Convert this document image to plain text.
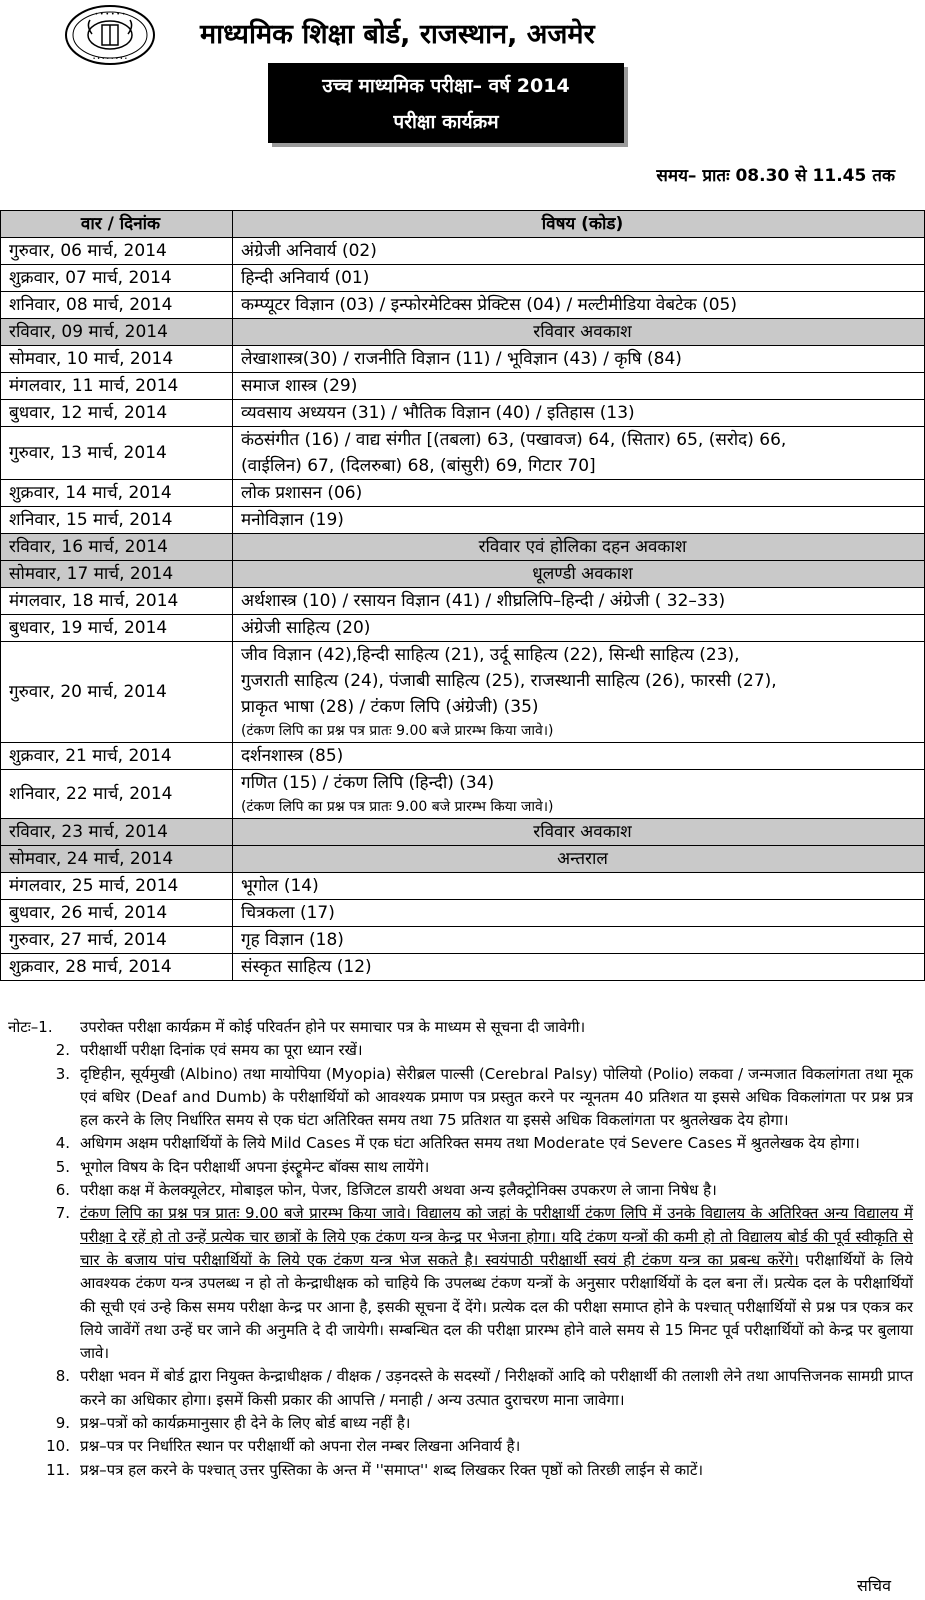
• • • • • •
• • • • • • • •
माध्यमिक शिक्षा बोर्ड, राजस्थान, अजमेर
उच्च माध्यमिक परीक्षा– वर्ष 2014
परीक्षा कार्यक्रम
समय– प्रातः 08.30 से 11.45 तक
वार / दिनांक	विषय (कोड)
गुरुवार, 06 मार्च, 2014	अंग्रेजी अनिवार्य (02)
शुक्रवार, 07 मार्च, 2014	हिन्दी अनिवार्य (01)
शनिवार, 08 मार्च, 2014	कम्प्यूटर विज्ञान (03) / इन्फोरमेटिक्स प्रेक्टिस (04) / मल्टीमीडिया वेबटेक (05)
रविवार, 09 मार्च, 2014	रविवार अवकाश
सोमवार, 10 मार्च, 2014	लेखाशास्त्र(30) / राजनीति विज्ञान (11) / भूविज्ञान (43) / कृषि (84)
मंगलवार, 11 मार्च, 2014	समाज शास्त्र (29)
बुधवार, 12 मार्च, 2014	व्यवसाय अध्ययन (31) / भौतिक विज्ञान (40) / इतिहास (13)
गुरुवार, 13 मार्च, 2014	कंठसंगीत (16) / वाद्य संगीत [(तबला) 63, (पखावज) 64, (सितार) 65, (सरोद) 66,
(वाईलिन) 67, (दिलरुबा) 68, (बांसुरी) 69, गिटार 70]

शुक्रवार, 14 मार्च, 2014	लोक प्रशासन (06)
शनिवार, 15 मार्च, 2014	मनोविज्ञान (19)
रविवार, 16 मार्च, 2014	रविवार एवं होलिका दहन अवकाश
सोमवार, 17 मार्च, 2014	धूलण्डी अवकाश
मंगलवार, 18 मार्च, 2014	अर्थशास्त्र (10) / रसायन विज्ञान (41) / शीघ्रलिपि–हिन्दी / अंग्रेजी ( 32–33)
बुधवार, 19 मार्च, 2014	अंग्रेजी साहित्य (20)
गुरुवार, 20 मार्च, 2014	जीव विज्ञान (42),हिन्दी साहित्य (21), उर्दू साहित्य (22), सिन्धी साहित्य (23),
गुजराती साहित्य (24), पंजाबी साहित्य (25), राजस्थानी साहित्य (26), फारसी (27),
प्राकृत भाषा (28) / टंकण लिपि (अंग्रेजी) (35)
(टंकण लिपि का प्रश्न पत्र प्रातः 9.00 बजे प्रारम्भ किया जावे।)

शुक्रवार, 21 मार्च, 2014	दर्शनशास्त्र (85)
शनिवार, 22 मार्च, 2014	गणित (15) / टंकण लिपि (हिन्दी) (34)
(टंकण लिपि का प्रश्न पत्र प्रातः 9.00 बजे प्रारम्भ किया जावे।)

रविवार, 23 मार्च, 2014	रविवार अवकाश
सोमवार, 24 मार्च, 2014	अन्तराल
मंगलवार, 25 मार्च, 2014	भूगोल (14)
बुधवार, 26 मार्च, 2014	चित्रकला (17)
गुरुवार, 27 मार्च, 2014	गृह विज्ञान (18)
शुक्रवार, 28 मार्च, 2014	संस्कृत साहित्य (12)
नोटः–1.	उपरोक्त परीक्षा कार्यक्रम में कोई परिवर्तन होने पर समाचार पत्र के माध्यम से सूचना दी जावेगी।
2. परीक्षार्थी परीक्षा दिनांक एवं समय का पूरा ध्यान रखें।
3. दृष्टिहीन, सूर्यमुखी (Albino) तथा मायोपिया (Myopia) सेरीब्रल पाल्सी (Cerebral Palsy) पोलियो (Polio) लकवा / जन्मजात विकलांगता तथा मूक एवं बधिर (Deaf and Dumb) के परीक्षार्थियों को आवश्यक प्रमाण पत्र प्रस्तुत करने पर न्यूनतम 40 प्रतिशत या इससे अधिक विकलांगता पर प्रश्न प्रत्र हल करने के लिए निर्धारित समय से एक घंटा अतिरिक्त समय तथा 75 प्रतिशत या इससे अधिक विकलांगता पर श्रुतलेखक देय होगा।
4. अधिगम अक्षम परीक्षार्थियों के लिये Mild Cases में एक घंटा अतिरिक्त समय तथा Moderate एवं Severe Cases में श्रुतलेखक देय होगा।
5. भूगोल विषय के दिन परीक्षार्थी अपना इंस्ट्रूमेन्ट बॉक्स साथ लायेंगे।
6. परीक्षा कक्ष में केलक्यूलेटर, मोबाइल फोन, पेजर, डिजिटल डायरी अथवा अन्य इलैक्ट्रोनिक्स उपकरण ले जाना निषेध है।
7. टंकण लिपि का प्रश्न पत्र प्रातः 9.00 बजे प्रारम्भ किया जावे। विद्यालय को जहां के परीक्षार्थी टंकण लिपि में उनके विद्यालय के अतिरिक्त अन्य विद्यालय में परीक्षा दे रहें हो तो उन्हें प्रत्येक चार छात्रों के लिये एक टंकण यन्त्र केन्द्र पर भेजना होगा। यदि टंकण यन्त्रों की कमी हो तो विद्यालय बोर्ड की पूर्व स्वीकृति से चार के बजाय पांच परीक्षार्थियों के लिये एक टंकण यन्त्र भेज सकते है। स्वयंपाठी परीक्षार्थी स्वयं ही टंकण यन्त्र का प्रबन्ध करेंगे। परीक्षार्थियों के लिये आवश्यक टंकण यन्त्र उपलब्ध न हो तो केन्द्राधीक्षक को चाहिये कि उपलब्ध टंकण यन्त्रों के अनुसार परीक्षार्थियों के दल बना लें। प्रत्येक दल के परीक्षार्थियों की सूची एवं उन्हे किस समय परीक्षा केन्द्र पर आना है, इसकी सूचना दें देंगे। प्रत्येक दल की परीक्षा समाप्त होने के पश्चात् परीक्षार्थियों से प्रश्न पत्र एकत्र कर लिये जावेंगें तथा उन्हें घर जाने की अनुमति दे दी जायेगी। सम्बन्धित दल की परीक्षा प्रारम्भ होने वाले समय से 15 मिनट पूर्व परीक्षार्थियों को केन्द्र पर बुलाया जावे।
8. परीक्षा भवन में बोर्ड द्वारा नियुक्त केन्द्राधीक्षक / वीक्षक / उड़नदस्ते के सदस्यों / निरीक्षकों आदि को परीक्षार्थी की तलाशी लेने तथा आपत्तिजनक सामग्री प्राप्त करने का अधिकार होगा। इसमें किसी प्रकार की आपत्ति / मनाही / अन्य उत्पात दुराचरण माना जावेगा।
9. प्रश्न–पत्रों को कार्यक्रमानुसार ही देने के लिए बोर्ड बाध्य नहीं है।
10. प्रश्न–पत्र पर निर्धारित स्थान पर परीक्षार्थी को अपना रोल नम्बर लिखना अनिवार्य है।
11. प्रश्न–पत्र हल करने के पश्चात् उत्तर पुस्तिका के अन्त में ''समाप्त'' शब्द लिखकर रिक्त पृष्ठों को तिरछी लाईन से काटें।
सचिव
